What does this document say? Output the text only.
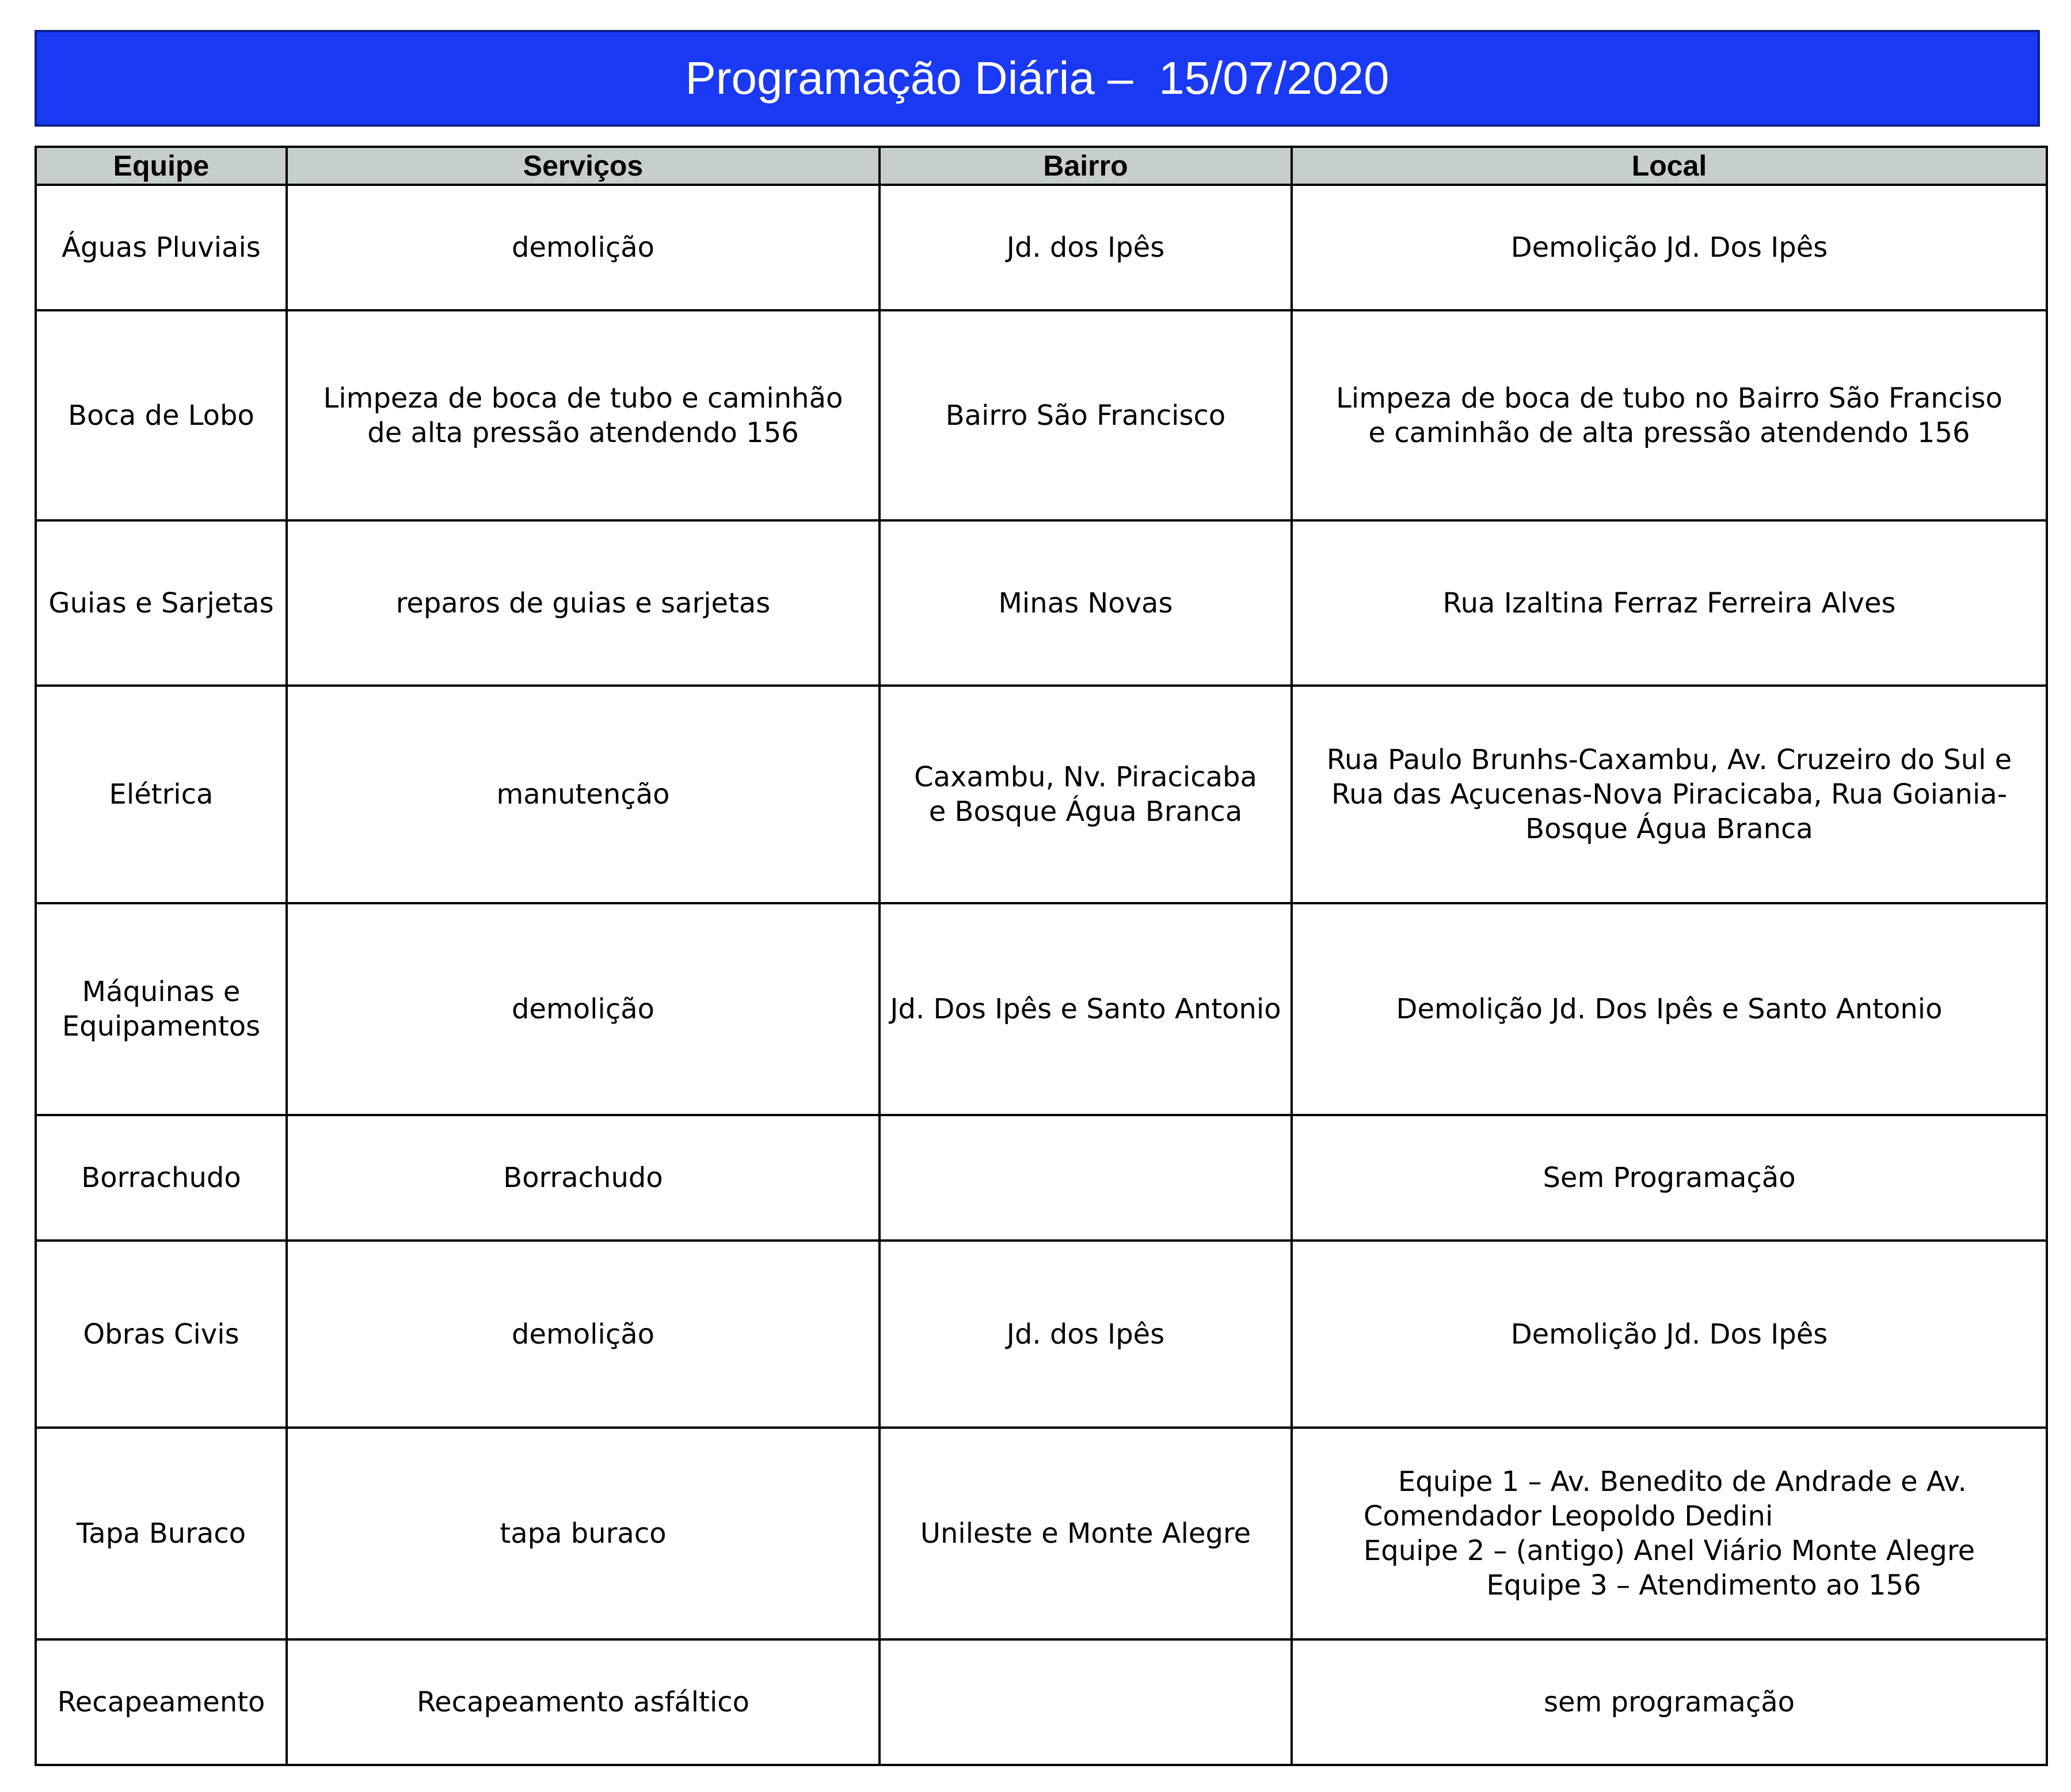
Programação Diária –  15/07/2020
Equipe	Serviços	Bairro	Local
Águas Pluviais	demolição	Jd. dos Ipês	Demolição Jd. Dos Ipês
Boca de Lobo	Limpeza de boca de tubo e caminhão de alta pressão atendendo 156	Bairro São Francisco	Limpeza de boca de tubo no Bairro São Franciso e caminhão de alta pressão atendendo 156
Guias e Sarjetas	reparos de guias e sarjetas	Minas Novas	Rua Izaltina Ferraz Ferreira Alves
Elétrica	manutenção	Caxambu, Nv. Piracicaba e Bosque Água Branca	Rua Paulo Brunhs-Caxambu, Av. Cruzeiro do Sul e Rua das Açucenas-Nova Piracicaba, Rua Goiania-Bosque Água Branca
Máquinas e Equipamentos	demolição	Jd. Dos Ipês e Santo Antonio	Demolição Jd. Dos Ipês e Santo Antonio
Borrachudo	Borrachudo		Sem Programação
Obras Civis	demolição	Jd. dos Ipês	Demolição Jd. Dos Ipês
Tapa Buraco	tapa buraco	Unileste e Monte Alegre	Equipe 1 – Av. Benedito de Andrade e Av.
Comendador Leopoldo Dedini
Equipe 2 – (antigo) Anel Viário Monte Alegre
Equipe 3 – Atendimento ao 156

Recapeamento	Recapeamento asfáltico		sem programação
